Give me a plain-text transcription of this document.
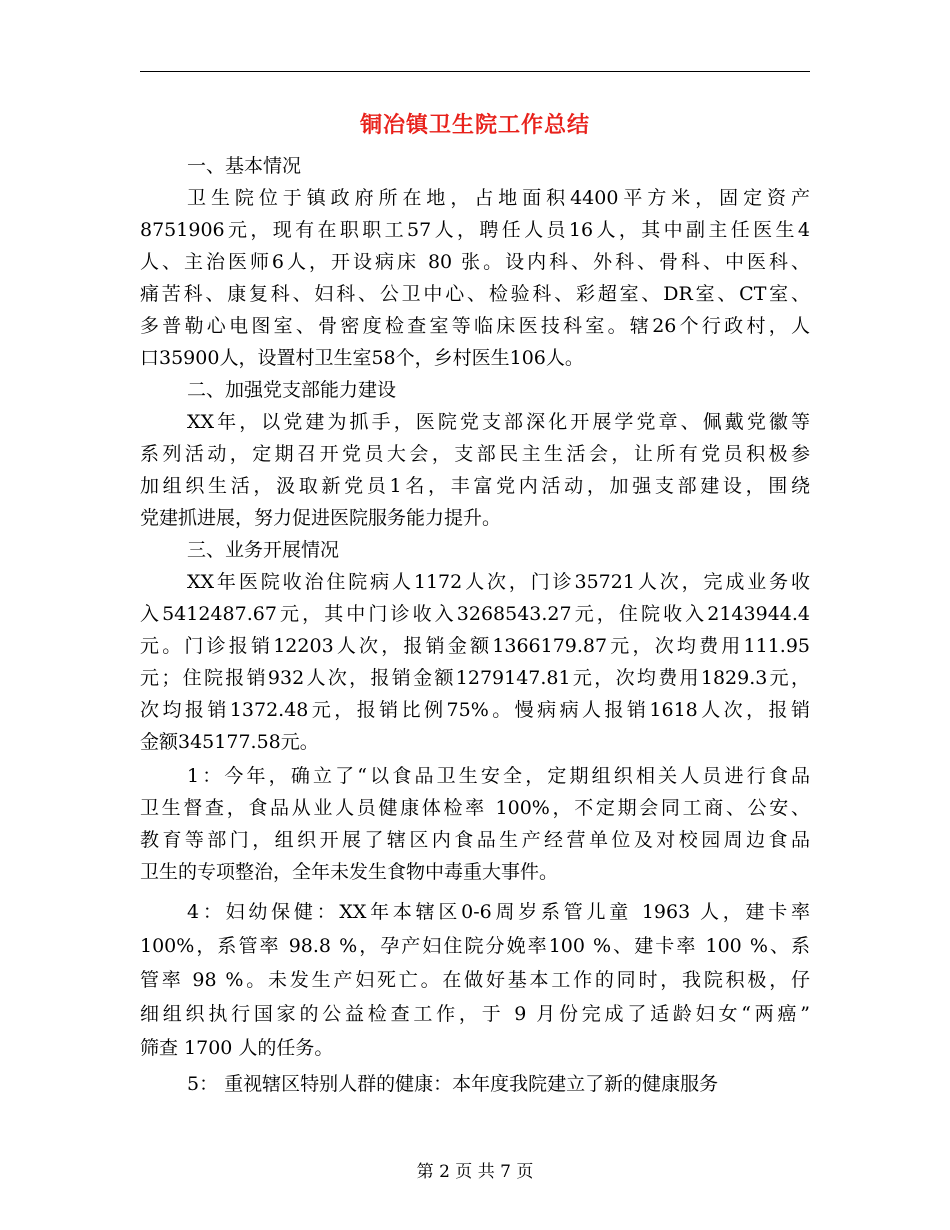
铜冶镇卫生院工作总结
一、基本情况
卫生院位于镇政府所在地，占地面积4400平方米，固定资产
8751906元，现有在职职工57人，聘任人员16人，其中副主任医生4
人、主治医师6人，开设病床 80 张。设内科、外科、骨科、中医科、
痛苦科、康复科、妇科、公卫中心、检验科、彩超室、DR室、CT室、
多普勒心电图室、骨密度检查室等临床医技科室。辖26个行政村，人
口35900人，设置村卫生室58个，乡村医生106人。
二、加强党支部能力建设
XX年，以党建为抓手，医院党支部深化开展学党章、佩戴党徽等
系列活动，定期召开党员大会，支部民主生活会，让所有党员积极参
加组织生活，汲取新党员1名，丰富党内活动，加强支部建设，围绕
党建抓进展，努力促进医院服务能力提升。
三、业务开展情况
XX年医院收治住院病人1172人次，门诊35721人次，完成业务收
入5412487.67元，其中门诊收入3268543.27元，住院收入2143944.4
元。门诊报销12203人次，报销金额1366179.87元，次均费用111.95
元；住院报销932人次，报销金额1279147.81元，次均费用1829.3元，
次均报销1372.48元，报销比例75%。慢病病人报销1618人次，报销
金额345177.58元。
1：今年，确立了“以食品卫生安全，定期组织相关人员进行食品
卫生督查，食品从业人员健康体检率 100%，不定期会同工商、公安、
教育等部门，组织开展了辖区内食品生产经营单位及对校园周边食品
卫生的专项整治，全年未发生食物中毒重大事件。
4：妇幼保健：XX年本辖区0-6周岁系管儿童 1963 人，建卡率
100%，系管率 98.8 %，孕产妇住院分娩率100 %、建卡率 100 %、系
管率 98 %。未发生产妇死亡。在做好基本工作的同时，我院积极，仔
细组织执行国家的公益检查工作，于 9 月份完成了适龄妇女“两癌”
筛查 1700 人的任务。
5： 重视辖区特别人群的健康：本年度我院建立了新的健康服务
第 2 页 共 7 页
